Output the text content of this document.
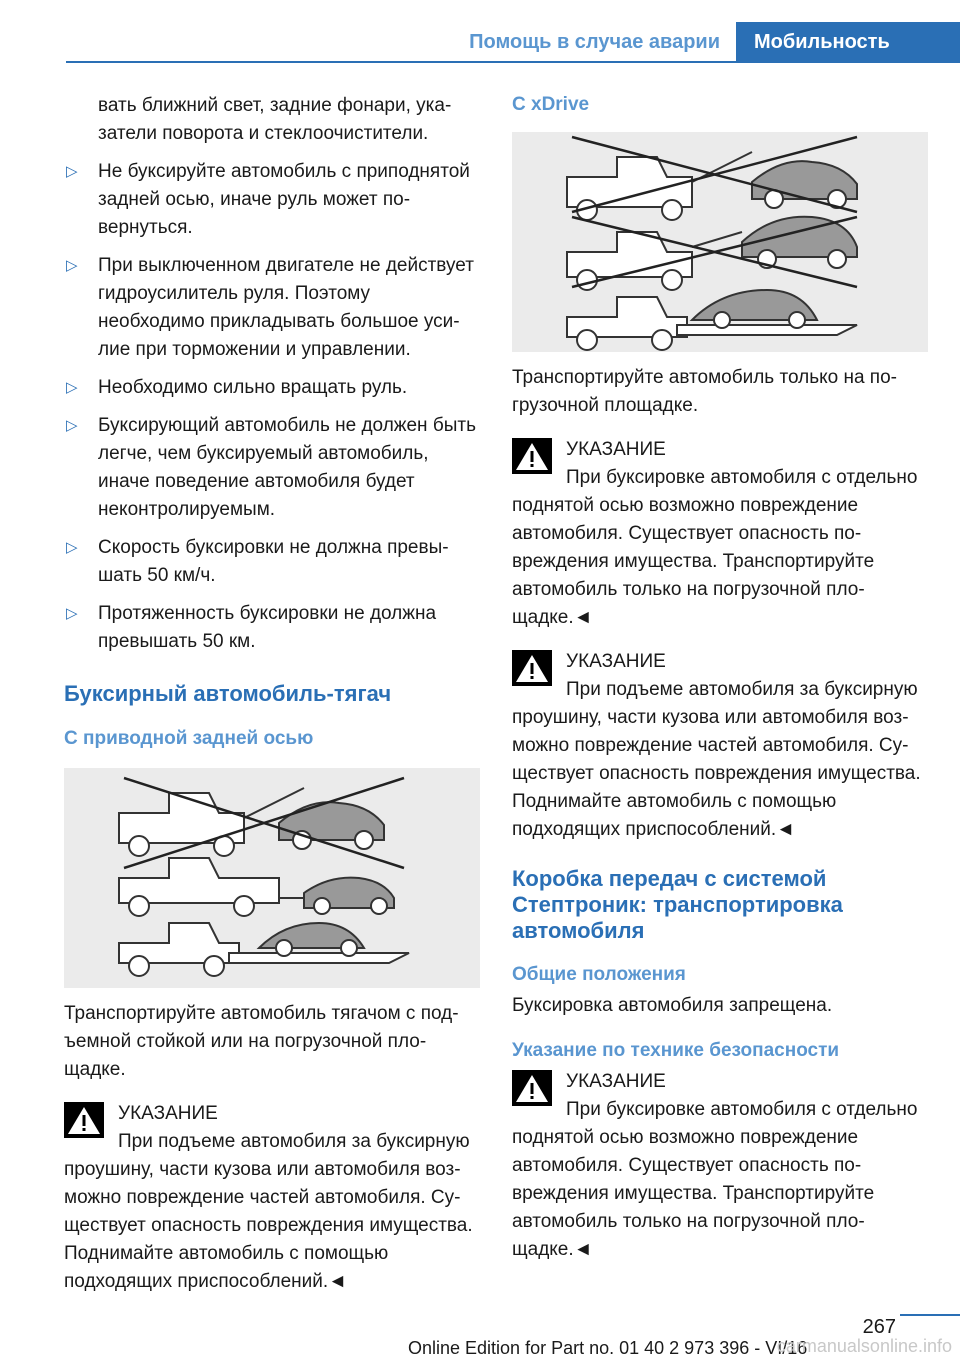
Помощь в случае аварии	Мобильность

вать ближний свет, задние фонари, указатели поворота и стеклоочистители.

▷ Не буксируйте автомобиль с приподнятой задней осью, иначе руль может повернуться.
▷ При выключенном двигателе не действует гидроусилитель руля. Поэтому необходимо прикладывать большое усилие при торможении и управлении.
▷ Необходимо сильно вращать руль.
▷ Буксирующий автомобиль не должен быть легче, чем буксируемый автомобиль, иначе поведение автомобиля будет неконтролируемым.
▷ Скорость буксировки не должна превышать 50 км/ч.
▷ Протяженность буксировки не должна превышать 50 км.
Буксирный автомобиль-тягач
С приводной задней осью

Транспортируйте автомобиль тягачом с подъемной стойкой или на погрузочной площадке.

УКАЗАНИЕ
При подъеме автомобиля за буксирную проушину, части кузова или автомобиля возможно повреждение частей автомобиля. Существует опасность повреждения имущества. Поднимайте автомобиль с помощью подходящих приспособлений.◄
С xDrive

Транспортируйте автомобиль только на погрузочной площадке.

УКАЗАНИЕ
При буксировке автомобиля с отдельно поднятой осью возможно повреждение автомобиля. Существует опасность повреждения имущества. Транспортируйте автомобиль только на погрузочной площадке.◄
УКАЗАНИЕ
При подъеме автомобиля за буксирную проушину, части кузова или автомобиля возможно повреждение частей автомобиля. Существует опасность повреждения имущества. Поднимайте автомобиль с помощью подходящих приспособлений.◄
Коробка передач с системой Стептроник: транспортировка автомобиля
Общие положения

Буксировка автомобиля запрещена.

Указание по технике безопасности
УКАЗАНИЕ
При буксировке автомобиля с отдельно поднятой осью возможно повреждение автомобиля. Существует опасность повреждения имущества. Транспортируйте автомобиль только на погрузочной площадке.◄
267
Online Edition for Part no. 01 40 2 973 396 - VI/16
carmanualsonline.info
